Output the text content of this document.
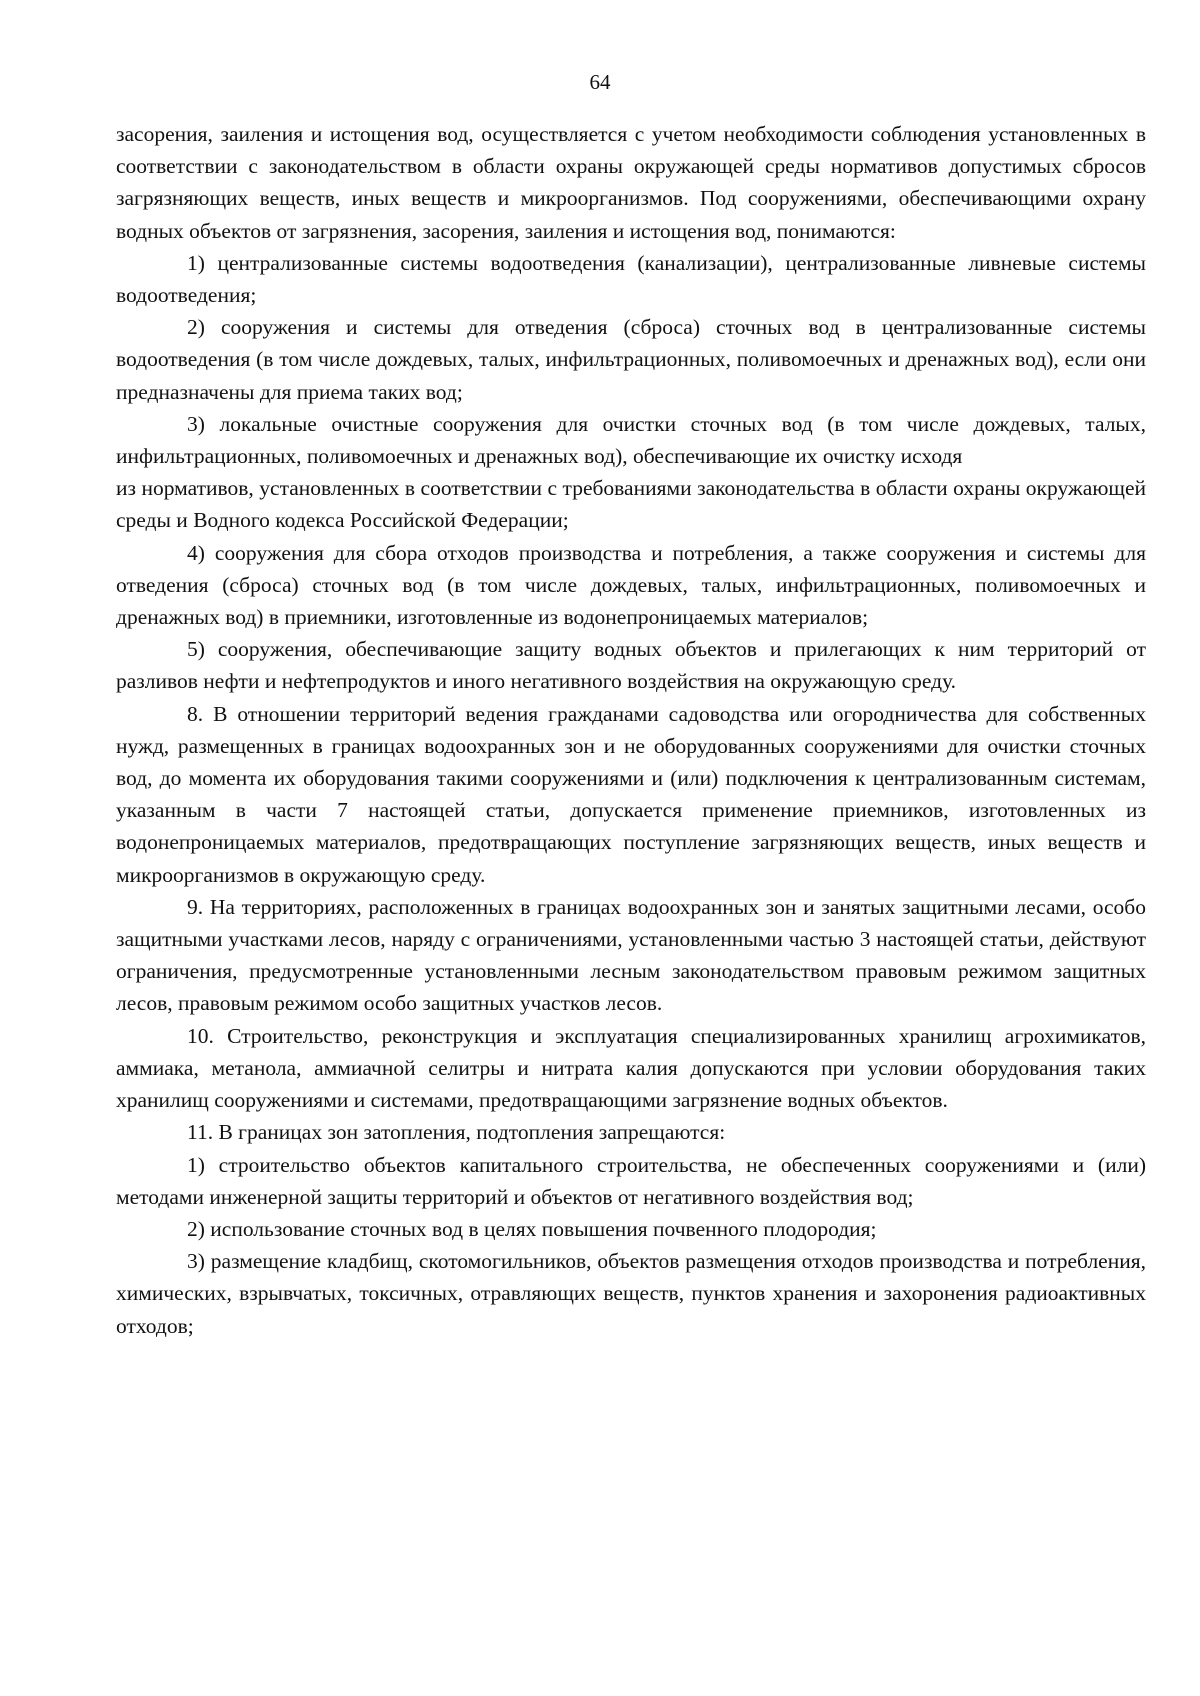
64

засорения, заиления и истощения вод, осуществляется с учетом необходимости соблюдения установленных в соответствии с законодательством в области охраны окружающей среды нормативов допустимых сбросов загрязняющих веществ, иных веществ и микроорганизмов. Под сооружениями, обеспечивающими охрану водных объектов от загрязнения, засорения, заиления и истощения вод, понимаются:

1) централизованные системы водоотведения (канализации), централизованные ливневые системы водоотведения;

2) сооружения и системы для отведения (сброса) сточных вод в централизованные системы водоотведения (в том числе дождевых, талых, инфильтрационных, поливомоечных и дренажных вод), если они предназначены для приема таких вод;

3) локальные очистные сооружения для очистки сточных вод (в том числе дождевых, талых, инфильтрационных, поливомоечных и дренажных вод), обеспечивающие их очистку исходя

из нормативов, установленных в соответствии с требованиями законодательства в области охраны окружающей среды и Водного кодекса Российской Федерации;

4) сооружения для сбора отходов производства и потребления, а также сооружения и системы для отведения (сброса) сточных вод (в том числе дождевых, талых, инфильтрационных, поливомоечных и дренажных вод) в приемники, изготовленные из водонепроницаемых материалов;

5) сооружения, обеспечивающие защиту водных объектов и прилегающих к ним территорий от разливов нефти и нефтепродуктов и иного негативного воздействия на окружающую среду.

8. В отношении территорий ведения гражданами садоводства или огородничества для собственных нужд, размещенных в границах водоохранных зон и не оборудованных сооружениями для очистки сточных вод, до момента их оборудования такими сооружениями и (или) подключения к централизованным системам, указанным в части 7 настоящей статьи, допускается применение приемников, изготовленных из водонепроницаемых материалов, предотвращающих поступление загрязняющих веществ, иных веществ и микроорганизмов в окружающую среду.

9. На территориях, расположенных в границах водоохранных зон и занятых защитными лесами, особо защитными участками лесов, наряду с ограничениями, установленными частью 3 настоящей статьи, действуют ограничения, предусмотренные установленными лесным законодательством правовым режимом защитных лесов, правовым режимом особо защитных участков лесов.

10. Строительство, реконструкция и эксплуатация специализированных хранилищ агрохимикатов, аммиака, метанола, аммиачной селитры и нитрата калия допускаются при условии оборудования таких хранилищ сооружениями и системами, предотвращающими загрязнение водных объектов.

11. В границах зон затопления, подтопления запрещаются:

1) строительство объектов капитального строительства, не обеспеченных сооружениями и (или) методами инженерной защиты территорий и объектов от негативного воздействия вод;

2) использование сточных вод в целях повышения почвенного плодородия;

3) размещение кладбищ, скотомогильников, объектов размещения отходов производства и потребления, химических, взрывчатых, токсичных, отравляющих веществ, пунктов хранения и захоронения радиоактивных отходов;
